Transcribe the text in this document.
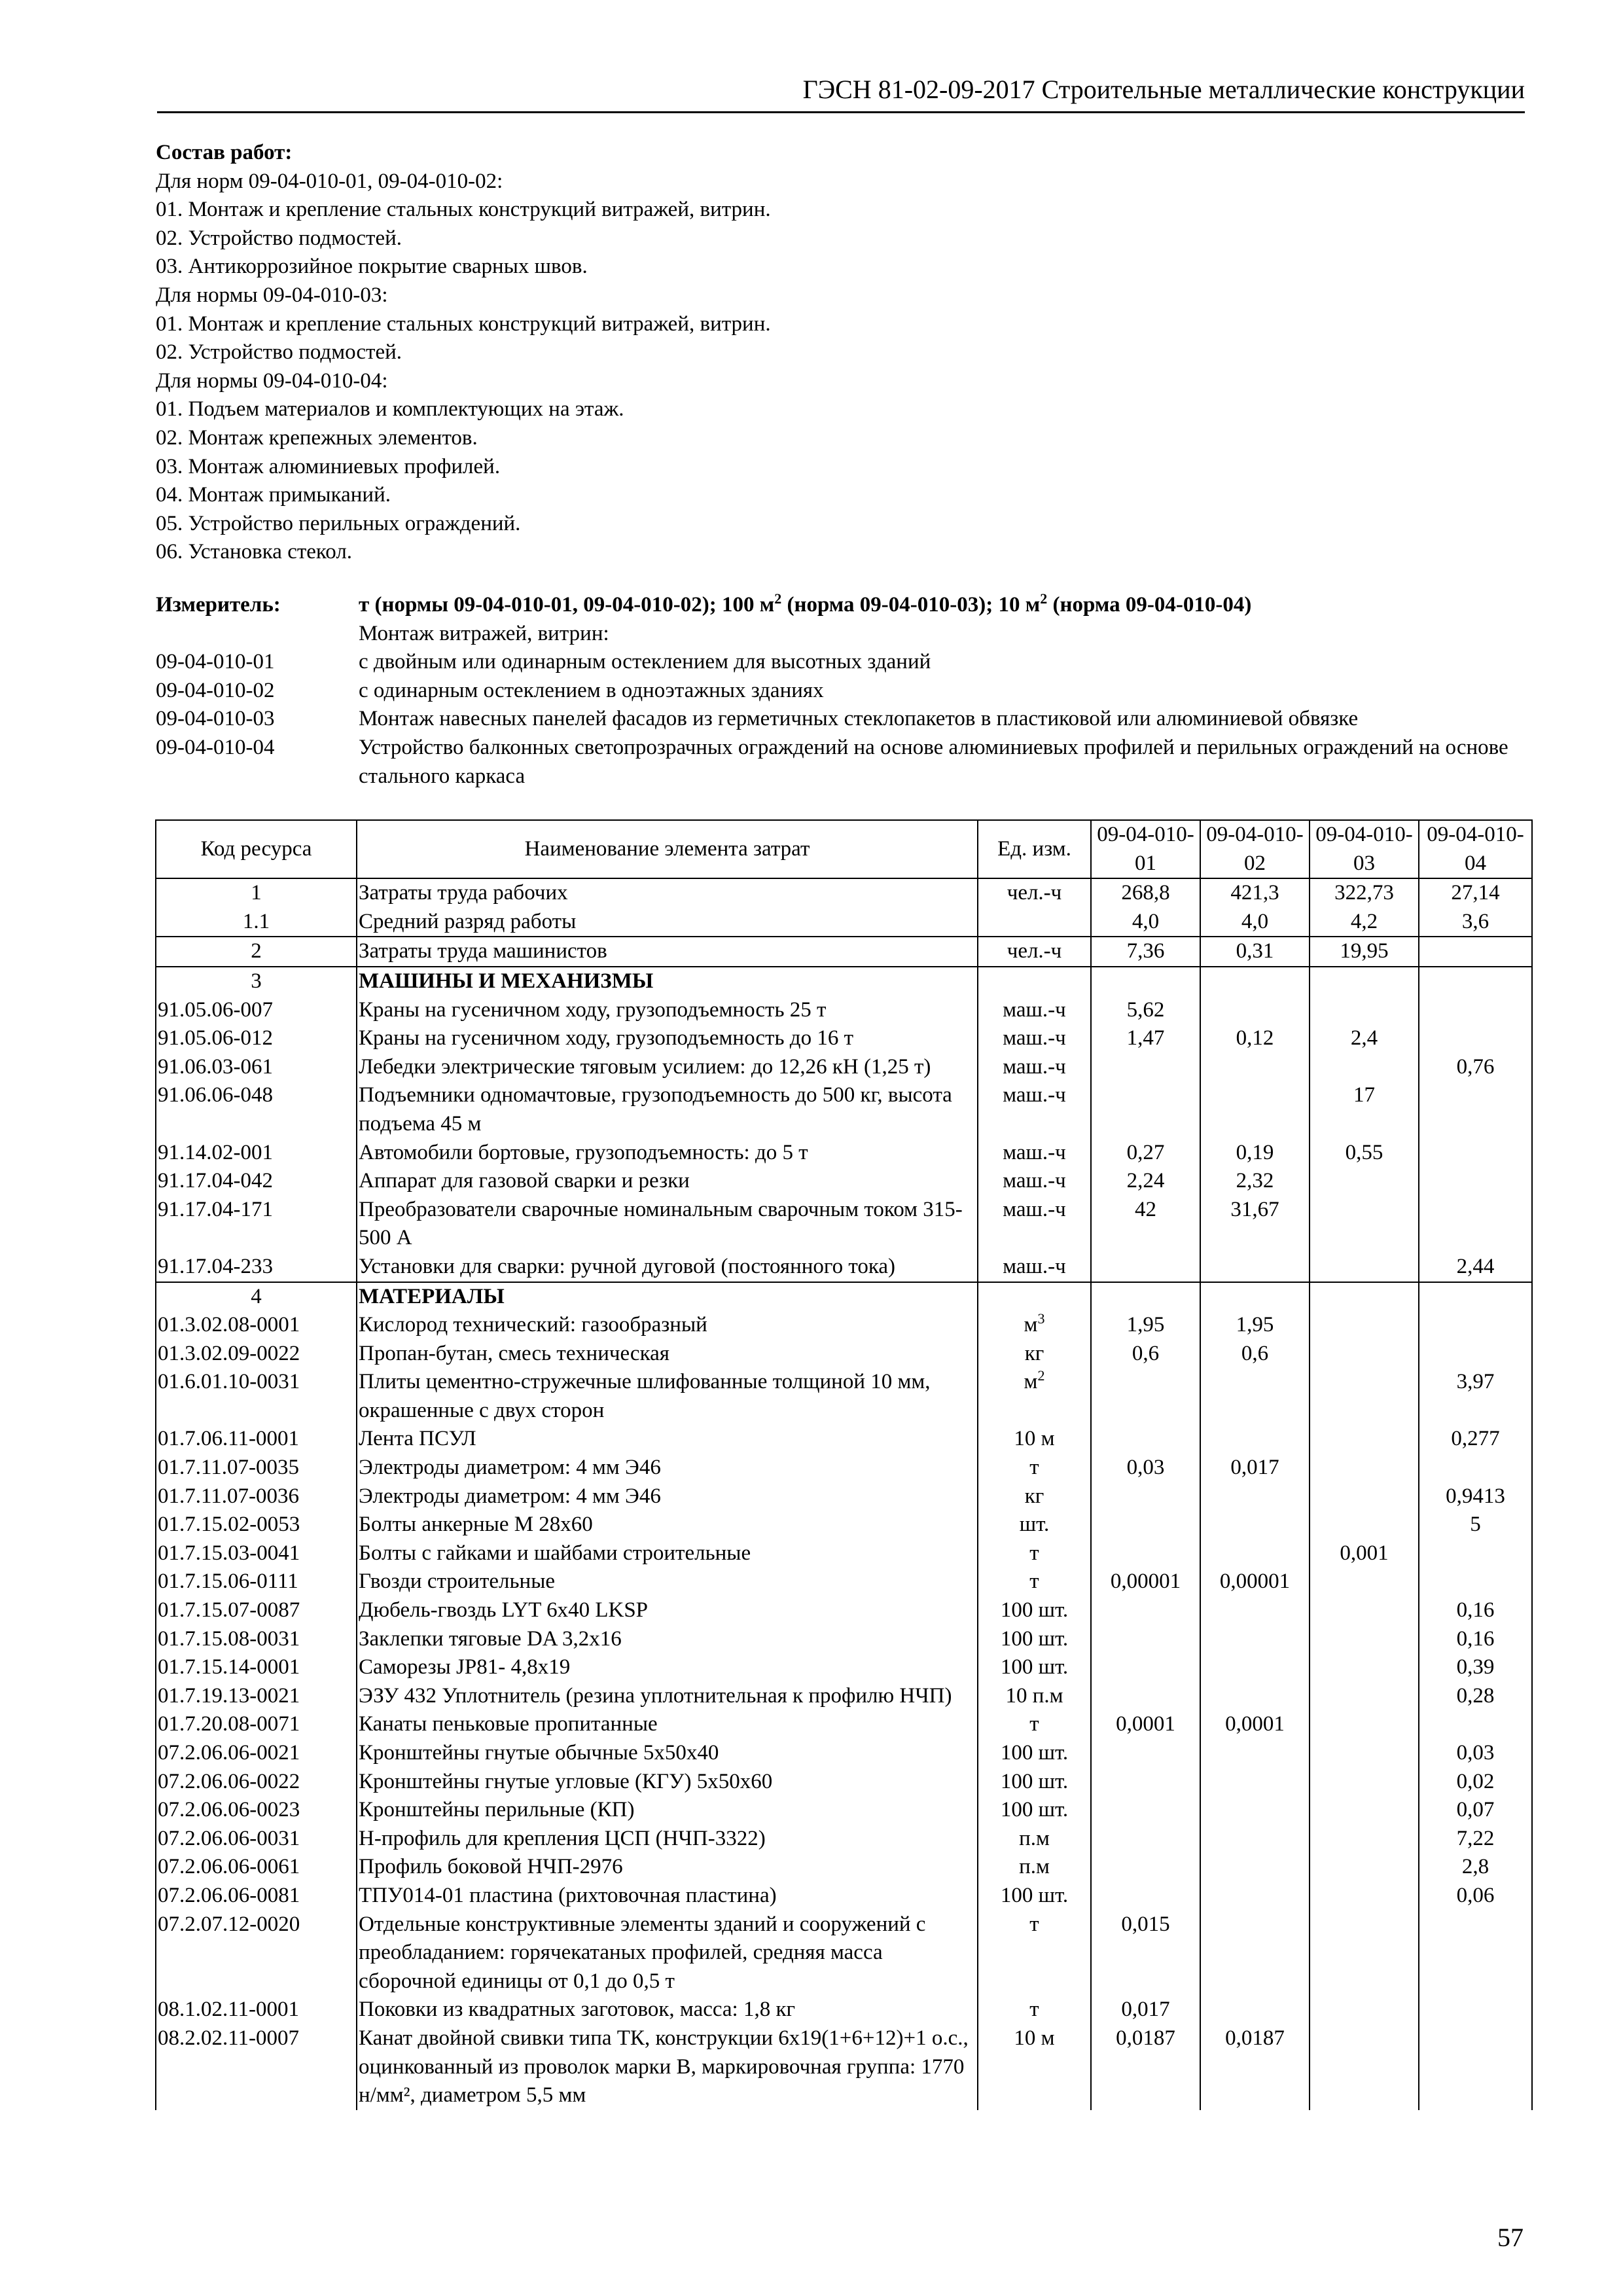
ГЭСН 81-02-09-2017 Строительные металлические конструкции
Состав работ:
Для норм 09-04-010-01, 09-04-010-02:
01. Монтаж и крепление стальных конструкций витражей, витрин.
02. Устройство подмостей.
03. Антикоррозийное покрытие сварных швов.
Для нормы 09-04-010-03:
01. Монтаж и крепление стальных конструкций витражей, витрин.
02. Устройство подмостей.
Для нормы 09-04-010-04:
01. Подъем материалов и комплектующих на этаж.
02. Монтаж крепежных элементов.
03. Монтаж алюминиевых профилей.
04. Монтаж примыканий.
05. Устройство перильных ограждений.
06. Установка стекол.
Измеритель:	т (нормы 09-04-010-01, 09-04-010-02); 100 $м^2$ (норма 09-04-010-03); 10 $м^2$ (норма 09-04-010-04)
Монтаж витражей, витрин:
09-04-010-01	с двойным или одинарным остеклением для высотных зданий
09-04-010-02	с одинарным остеклением в одноэтажных зданиях
09-04-010-03	Монтаж навесных панелей фасадов из герметичных стеклопакетов в пластиковой или алюминиевой обвязке
09-04-010-04	Устройство балконных светопрозрачных ограждений на основе алюминиевых профилей и перильных ограждений на основе стального каркаса
Код ресурса	Наименование элемента затрат	Ед. изм.	09-04-010-01	09-04-010-02	09-04-010-03	09-04-010-04
1	Затраты труда рабочих	чел.-ч	268,8	421,3	322,73	27,14
1.1	Средний разряд работы		4,0	4,0	4,2	3,6
2	Затраты труда машинистов	чел.-ч	7,36	0,31	19,95	
3	МАШИНЫ И МЕХАНИЗМЫ					
91.05.06-007	Краны на гусеничном ходу, грузоподъемность 25 т	маш.-ч	5,62			
91.05.06-012	Краны на гусеничном ходу, грузоподъемность до 16 т	маш.-ч	1,47	0,12	2,4	
91.06.03-061	Лебедки электрические тяговым усилием: до 12,26 кН (1,25 т)	маш.-ч				0,76
91.06.06-048	Подъемники одномачтовые, грузоподъемность до 500 кг, высота подъема 45 м	маш.-ч			17	
91.14.02-001	Автомобили бортовые, грузоподъемность: до 5 т	маш.-ч	0,27	0,19	0,55	
91.17.04-042	Аппарат для газовой сварки и резки	маш.-ч	2,24	2,32		
91.17.04-171	Преобразователи сварочные номинальным сварочным током 315-500 А	маш.-ч	42	31,67		
91.17.04-233	Установки для сварки: ручной дуговой (постоянного тока)	маш.-ч				2,44
4	МАТЕРИАЛЫ					
01.3.02.08-0001	Кислород технический: газообразный	$м^3$	1,95	1,95		
01.3.02.09-0022	Пропан-бутан, смесь техническая	кг	0,6	0,6		
01.6.01.10-0031	Плиты цементно-стружечные шлифованные толщиной 10 мм, окрашенные с двух сторон	$м^2$				3,97
01.7.06.11-0001	Лента ПСУЛ	10 м				0,277
01.7.11.07-0035	Электроды диаметром: 4 мм Э46	т	0,03	0,017		
01.7.11.07-0036	Электроды диаметром: 4 мм Э46	кг				0,9413
01.7.15.02-0053	Болты анкерные М 28х60	шт.				5
01.7.15.03-0041	Болты с гайками и шайбами строительные	т			0,001	
01.7.15.06-0111	Гвозди строительные	т	0,00001	0,00001		
01.7.15.07-0087	Дюбель-гвоздь LYT 6х40 LKSP	100 шт.				0,16
01.7.15.08-0031	Заклепки тяговые DA 3,2х16	100 шт.				0,16
01.7.15.14-0001	Саморезы JP81- 4,8х19	100 шт.				0,39
01.7.19.13-0021	ЭЗУ 432 Уплотнитель (резина уплотнительная к профилю НЧП)	10 п.м				0,28
01.7.20.08-0071	Канаты пеньковые пропитанные	т	0,0001	0,0001		
07.2.06.06-0021	Кронштейны гнутые обычные 5х50х40	100 шт.				0,03
07.2.06.06-0022	Кронштейны гнутые угловые (КГУ) 5х50х60	100 шт.				0,02
07.2.06.06-0023	Кронштейны перильные (КП)	100 шт.				0,07
07.2.06.06-0031	Н-профиль для крепления ЦСП (НЧП-3322)	п.м				7,22
07.2.06.06-0061	Профиль боковой НЧП-2976	п.м				2,8
07.2.06.06-0081	ТПУ014-01 пластина (рихтовочная пластина)	100 шт.				0,06
07.2.07.12-0020	Отдельные конструктивные элементы зданий и сооружений с преобладанием: горячекатаных профилей, средняя масса сборочной единицы от 0,1 до 0,5 т	т	0,015			
08.1.02.11-0001	Поковки из квадратных заготовок, масса: 1,8 кг	т	0,017			
08.2.02.11-0007	Канат двойной свивки типа ТК, конструкции 6х19(1+6+12)+1 о.с., оцинкованный из проволок марки В, маркировочная группа: 1770 н/мм², диаметром 5,5 мм	10 м	0,0187	0,0187		
57
